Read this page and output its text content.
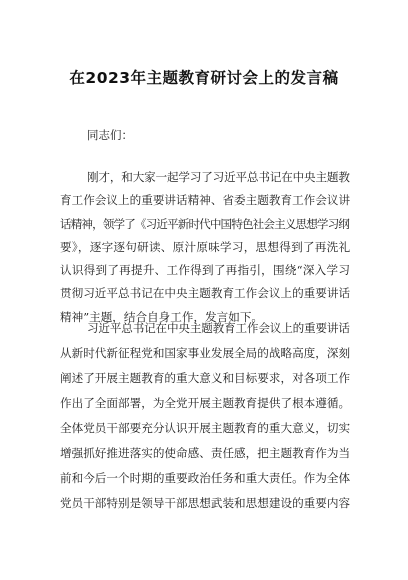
在2023年主题教育研讨会上的发言稿
同志们：
刚才，和大家一起学习了习近平总书记在中央主题教
育工作会议上的重要讲话精神、省委主题教育工作会议讲
话精神，领学了《习近平新时代中国特色社会主义思想学习纲
要》，逐字逐句研读、原汁原味学习，思想得到了再洗礼
认识得到了再提升、工作得到了再指引，围绕“深入学习
贯彻习近平总书记在中央主题教育工作会议上的重要讲话
精神”主题，结合自身工作，发言如下。
习近平总书记在中央主题教育工作会议上的重要讲话
从新时代新征程党和国家事业发展全局的战略高度，深刻
阐述了开展主题教育的重大意义和目标要求，对各项工作
作出了全面部署，为全党开展主题教育提供了根本遵循。
全体党员干部要充分认识开展主题教育的重大意义，切实
增强抓好推进落实的使命感、责任感，把主题教育作为当
前和今后一个时期的重要政治任务和重大责任。作为全体
党员干部特别是领导干部思想武装和思想建设的重要内容
